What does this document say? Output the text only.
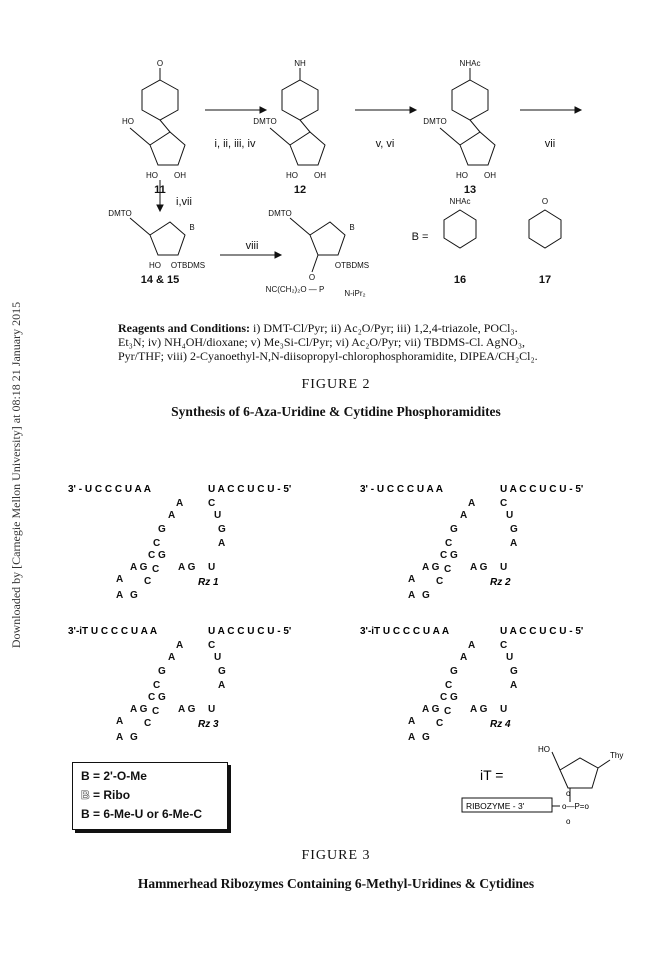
Downloaded by [Carnegie Mellon University] at 08:18 21 January 2015
O
HO
HO OH
NH
DMTO
HO OH
NHAc
DMTO
HO OH
DMTO
B
HO OTBDMS
DMTO
B
OTBDMS
O
NC(CH₂)₂O — P	N-iPr₂
NHAc	O
11	12	13
14 & 15	16	17
i, ii, iii, iv	v, vi	vii
i,vii
viii
B =
Reagents and Conditions: i) DMT-Cl/Pyr; ii) Ac₂O/Pyr; iii) 1,2,4-triazole, POCl₃.
Et₃N; iv) NH₄OH/dioxane; v) Me₃Si-Cl/Pyr; vi) Ac₂O/Pyr; vii) TBDMS-Cl. AgNO₃,
Pyr/THF; viii) 2-Cyanoethyl-N,N-diisopropyl-chlorophosphoramidite, DIPEA/CH₂Cl₂.
FIGURE 2
Synthesis of 6-Aza-Uridine & Cytidine Phosphoramidites
3' - U C C C U A A	U A C C U C U - 5'
Rz 1
A C
A	U
G	G
C	A
C G
A G C A G U
A C
A G
3' - U C C C U A A	U A C C U C U - 5'
Rz 2
A C
A	U
G	G
C	A
C G
A G C A G U
A C
A G
3'-iT U C C C U A A	U A C C U C U - 5'
Rz 3
A C
A	U
G	G
C	A
C G
A G C A G U
A C
A G
3'-iT U C C C U A A	U A C C U C U - 5'
Rz 4
A C
A	U
G	G
C	A
C G
A G C A G U
A C
A G
B = 2'-O-Me
B = Ribo
B = 6-Me-U or 6-Me-C
iT =
HO
Thy
RIBOZYME - 3'	o—P=o
o
o
FIGURE 3
Hammerhead Ribozymes Containing 6-Methyl-Uridines & Cytidines
